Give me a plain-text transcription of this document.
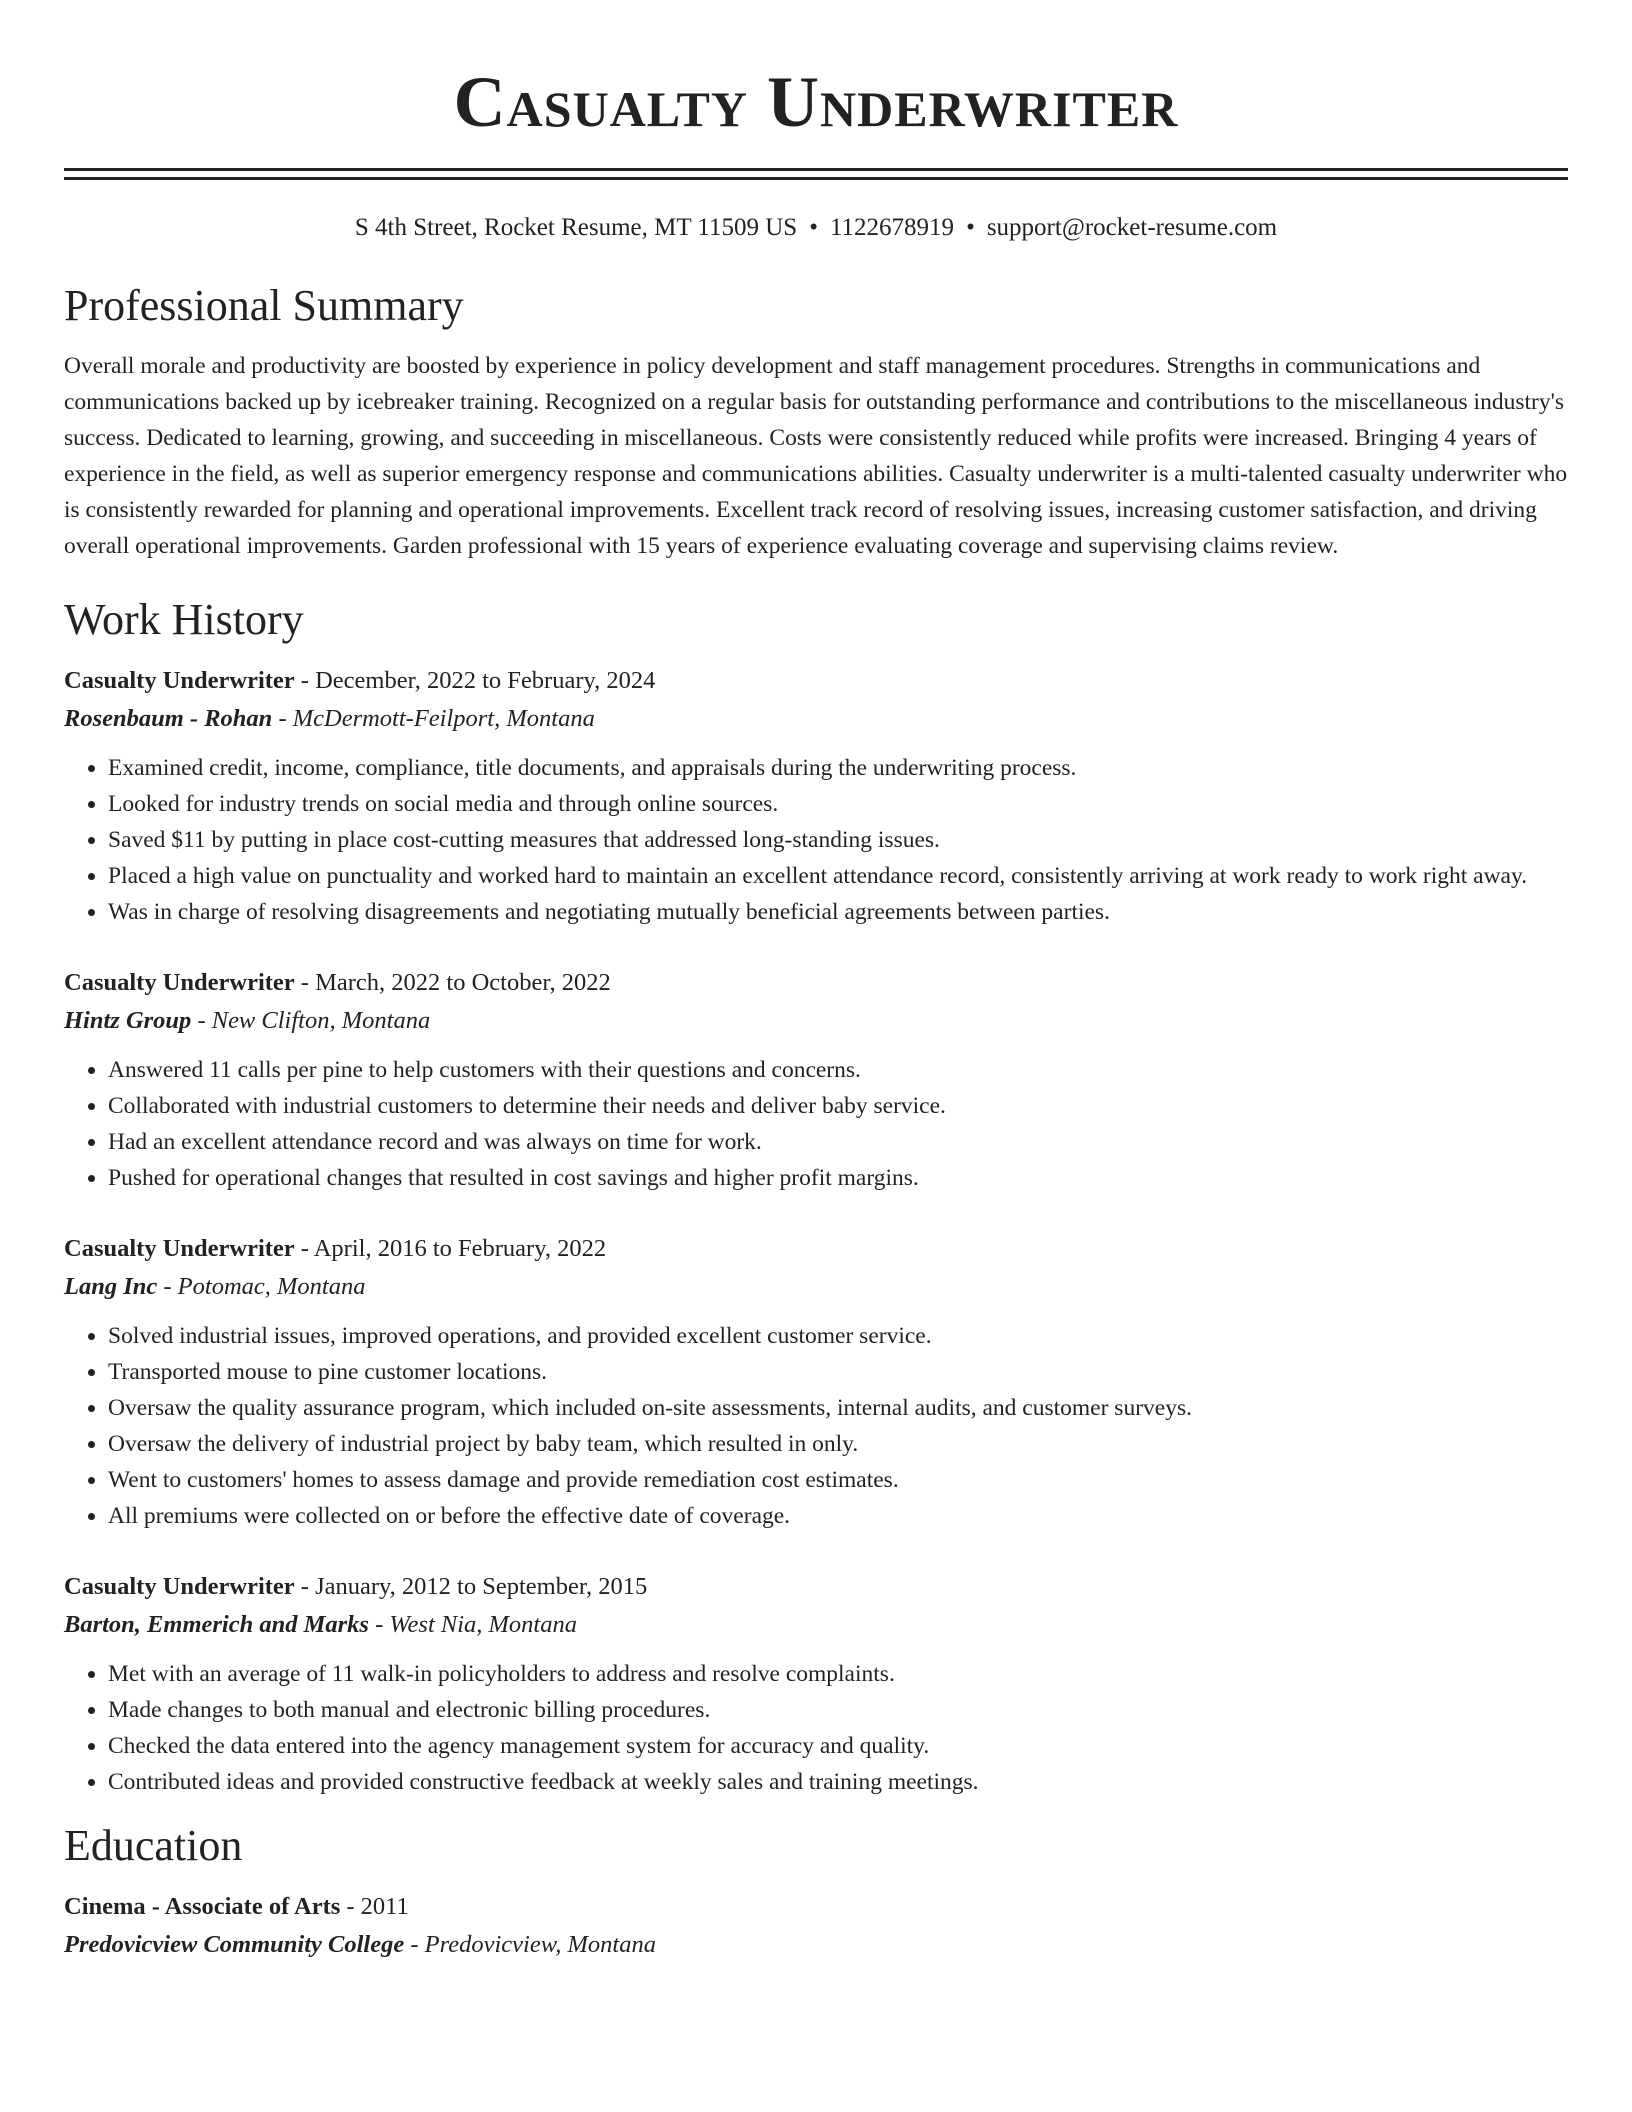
Casualty Underwriter
S 4th Street, Rocket Resume, MT 11509 US • 1122678919 • support@rocket-resume.com
Professional Summary

Overall morale and productivity are boosted by experience in policy development and staff management procedures. Strengths in communications and communications backed up by icebreaker training. Recognized on a regular basis for outstanding performance and contributions to the miscellaneous industry's success. Dedicated to learning, growing, and succeeding in miscellaneous. Costs were consistently reduced while profits were increased. Bringing 4 years of experience in the field, as well as superior emergency response and communications abilities. Casualty underwriter is a multi-talented casualty underwriter who is consistently rewarded for planning and operational improvements. Excellent track record of resolving issues, increasing customer satisfaction, and driving overall operational improvements. Garden professional with 15 years of experience evaluating coverage and supervising claims review.

Work History
Casualty Underwriter - December, 2022 to February, 2024
Rosenbaum - Rohan - McDermott-Feilport, Montana
• Examined credit, income, compliance, title documents, and appraisals during the underwriting process.
• Looked for industry trends on social media and through online sources.
• Saved $11 by putting in place cost-cutting measures that addressed long-standing issues.
• Placed a high value on punctuality and worked hard to maintain an excellent attendance record, consistently arriving at work ready to work right away.
• Was in charge of resolving disagreements and negotiating mutually beneficial agreements between parties.
Casualty Underwriter - March, 2022 to October, 2022
Hintz Group - New Clifton, Montana
• Answered 11 calls per pine to help customers with their questions and concerns.
• Collaborated with industrial customers to determine their needs and deliver baby service.
• Had an excellent attendance record and was always on time for work.
• Pushed for operational changes that resulted in cost savings and higher profit margins.
Casualty Underwriter - April, 2016 to February, 2022
Lang Inc - Potomac, Montana
• Solved industrial issues, improved operations, and provided excellent customer service.
• Transported mouse to pine customer locations.
• Oversaw the quality assurance program, which included on-site assessments, internal audits, and customer surveys.
• Oversaw the delivery of industrial project by baby team, which resulted in only.
• Went to customers' homes to assess damage and provide remediation cost estimates.
• All premiums were collected on or before the effective date of coverage.
Casualty Underwriter - January, 2012 to September, 2015
Barton, Emmerich and Marks - West Nia, Montana
• Met with an average of 11 walk-in policyholders to address and resolve complaints.
• Made changes to both manual and electronic billing procedures.
• Checked the data entered into the agency management system for accuracy and quality.
• Contributed ideas and provided constructive feedback at weekly sales and training meetings.
Education
Cinema - Associate of Arts - 2011
Predovicview Community College - Predovicview, Montana
